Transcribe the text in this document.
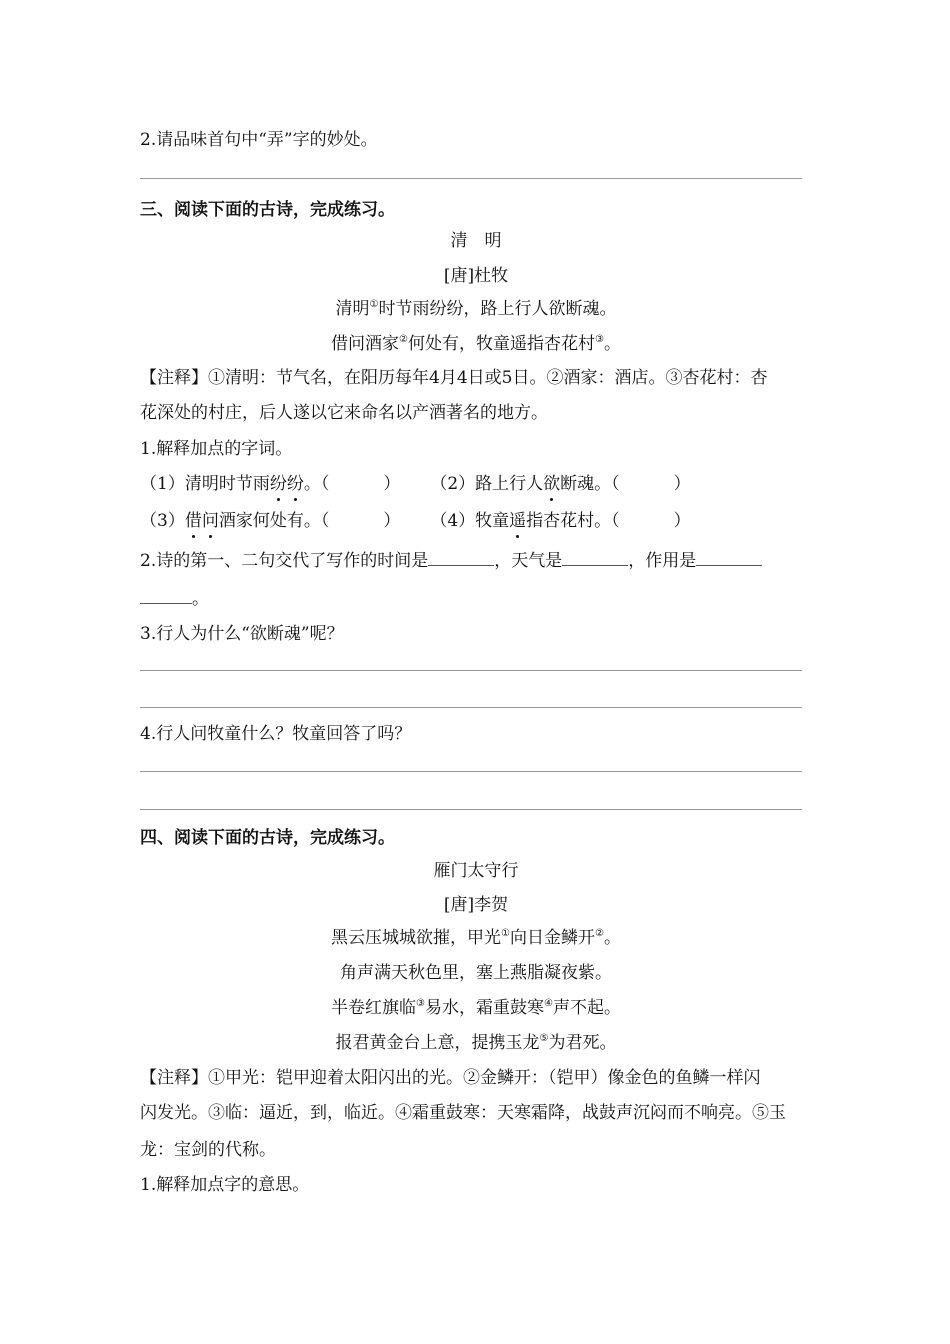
2.请品味首句中“弄”字的妙处。
三、阅读下面的古诗，完成练习。
清　明
[唐]杜牧
清明①时节雨纷纷，路上行人欲断魂。
借问酒家②何处有，牧童遥指杏花村③。
【注释】①清明：节气名，在阳历每年4月4日或5日。②酒家：酒店。③杏花村：杏
花深处的村庄，后人遂以它来命名以产酒著名的地方。
1.解释加点的字词。
（1）清明时节雨纷纷。（	） （2）路上行人欲断魂。（	）
（3）借问酒家何处有。（	） （4）牧童遥指杏花村。（	）
2.诗的第一、二句交代了写作的时间是	，天气是	，作用是
。
3.行人为什么“欲断魂”呢？
4.行人问牧童什么？牧童回答了吗？
四、阅读下面的古诗，完成练习。
雁门太守行
[唐]李贺
黑云压城城欲摧，甲光①向日金鳞开②。
角声满天秋色里，塞上燕脂凝夜紫。
半卷红旗临③易水，霜重鼓寒④声不起。
报君黄金台上意，提携玉龙⑤为君死。
【注释】①甲光：铠甲迎着太阳闪出的光。②金鳞开：（铠甲）像金色的鱼鳞一样闪
闪发光。③临：逼近，到，临近。④霜重鼓寒：天寒霜降，战鼓声沉闷而不响亮。⑤玉
龙：宝剑的代称。
1.解释加点字的意思。
